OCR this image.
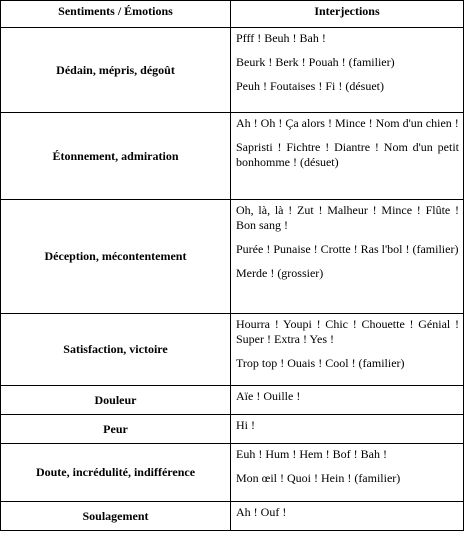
Sentiments / Émotions	Interjections
Dédain, mépris, dégoût	Pfff ! Beuh ! Bah !

Beurk ! Berk ! Pouah ! (familier)

Peuh ! Foutaises ! Fi ! (désuet)

Étonnement, admiration	Ah ! Oh ! Ça alors ! Mince ! Nom d'un chien !

Sapristi ! Fichtre ! Diantre ! Nom d'un petit bonhomme ! (désuet)

Déception, mécontentement	Oh, là, là ! Zut ! Malheur ! Mince ! Flûte ! Bon sang !

Purée ! Punaise ! Crotte ! Ras l'bol ! (familier)

Merde ! (grossier)

Satisfaction, victoire	Hourra ! Youpi ! Chic ! Chouette ! Génial ! Super ! Extra ! Yes !

Trop top ! Ouais ! Cool ! (familier)

Douleur	Aïe ! Ouille !

Peur	Hi !

Doute, incrédulité, indifférence	Euh ! Hum ! Hem ! Bof ! Bah !

Mon œil ! Quoi ! Hein ! (familier)

Soulagement	Ah ! Ouf !
